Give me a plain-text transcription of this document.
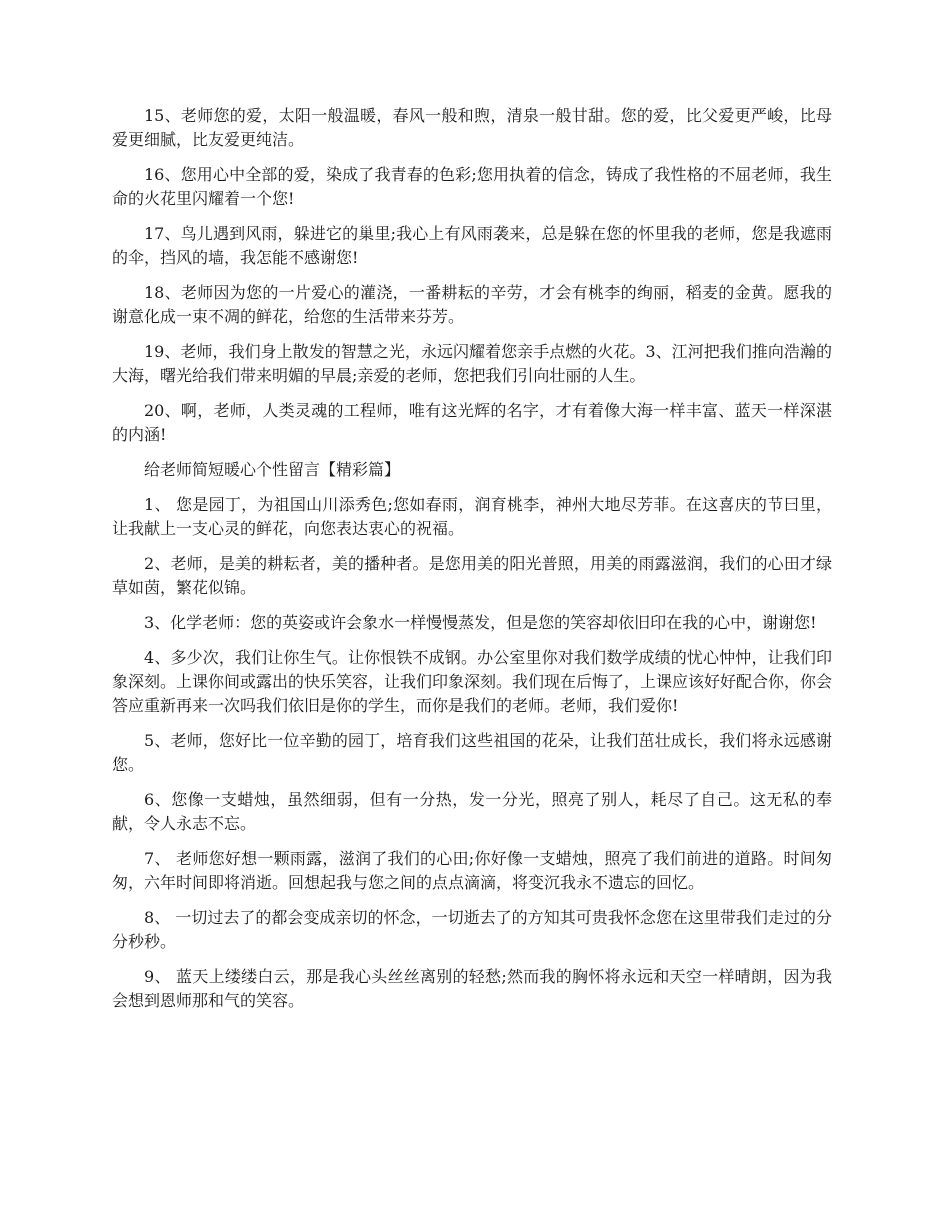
15、老师您的爱，太阳一般温暖，春风一般和煦，清泉一般甘甜。您的爱，比父爱更严峻，比母爱更细腻，比友爱更纯洁。

16、您用心中全部的爱，染成了我青春的色彩;您用执着的信念，铸成了我性格的不屈老师，我生命的火花里闪耀着一个您!

17、鸟儿遇到风雨，躲进它的巢里;我心上有风雨袭来，总是躲在您的怀里我的老师，您是我遮雨的伞，挡风的墙，我怎能不感谢您!

18、老师因为您的一片爱心的灌浇，一番耕耘的辛劳，才会有桃李的绚丽，稻麦的金黄。愿我的谢意化成一束不凋的鲜花，给您的生活带来芬芳。

19、老师，我们身上散发的智慧之光，永远闪耀着您亲手点燃的火花。3、江河把我们推向浩瀚的大海，曙光给我们带来明媚的早晨;亲爱的老师，您把我们引向壮丽的人生。

20、啊，老师，人类灵魂的工程师，唯有这光辉的名字，才有着像大海一样丰富、蓝天一样深湛的内涵!

给老师简短暖心个性留言【精彩篇】

1、 您是园丁，为祖国山川添秀色;您如春雨，润育桃李，神州大地尽芳菲。在这喜庆的节曰里，让我献上一支心灵的鲜花，向您表达衷心的祝福。

2、老师，是美的耕耘者，美的播种者。是您用美的阳光普照，用美的雨露滋润，我们的心田才绿草如茵，繁花似锦。

3、化学老师：您的英姿或许会象水一样慢慢蒸发，但是您的笑容却依旧印在我的心中，谢谢您!

4、多少次，我们让你生气。让你恨铁不成钢。办公室里你对我们数学成绩的忧心忡忡，让我们印象深刻。上课你间或露出的快乐笑容，让我们印象深刻。我们现在后悔了，上课应该好好配合你，你会答应重新再来一次吗我们依旧是你的学生，而你是我们的老师。老师，我们爱你!

5、老师，您好比一位辛勤的园丁，培育我们这些祖国的花朵，让我们茁壮成长，我们将永远感谢您。

6、您像一支蜡烛，虽然细弱，但有一分热，发一分光，照亮了别人，耗尽了自己。这无私的奉献，令人永志不忘。

7、 老师您好想一颗雨露，滋润了我们的心田;你好像一支蜡烛，照亮了我们前进的道路。时间匆匆，六年时间即将消逝。回想起我与您之间的点点滴滴，将变沉我永不遗忘的回忆。

8、 一切过去了的都会变成亲切的怀念，一切逝去了的方知其可贵我怀念您在这里带我们走过的分分秒秒。

9、 蓝天上缕缕白云，那是我心头丝丝离别的轻愁;然而我的胸怀将永远和天空一样晴朗，因为我会想到恩师那和气的笑容。
